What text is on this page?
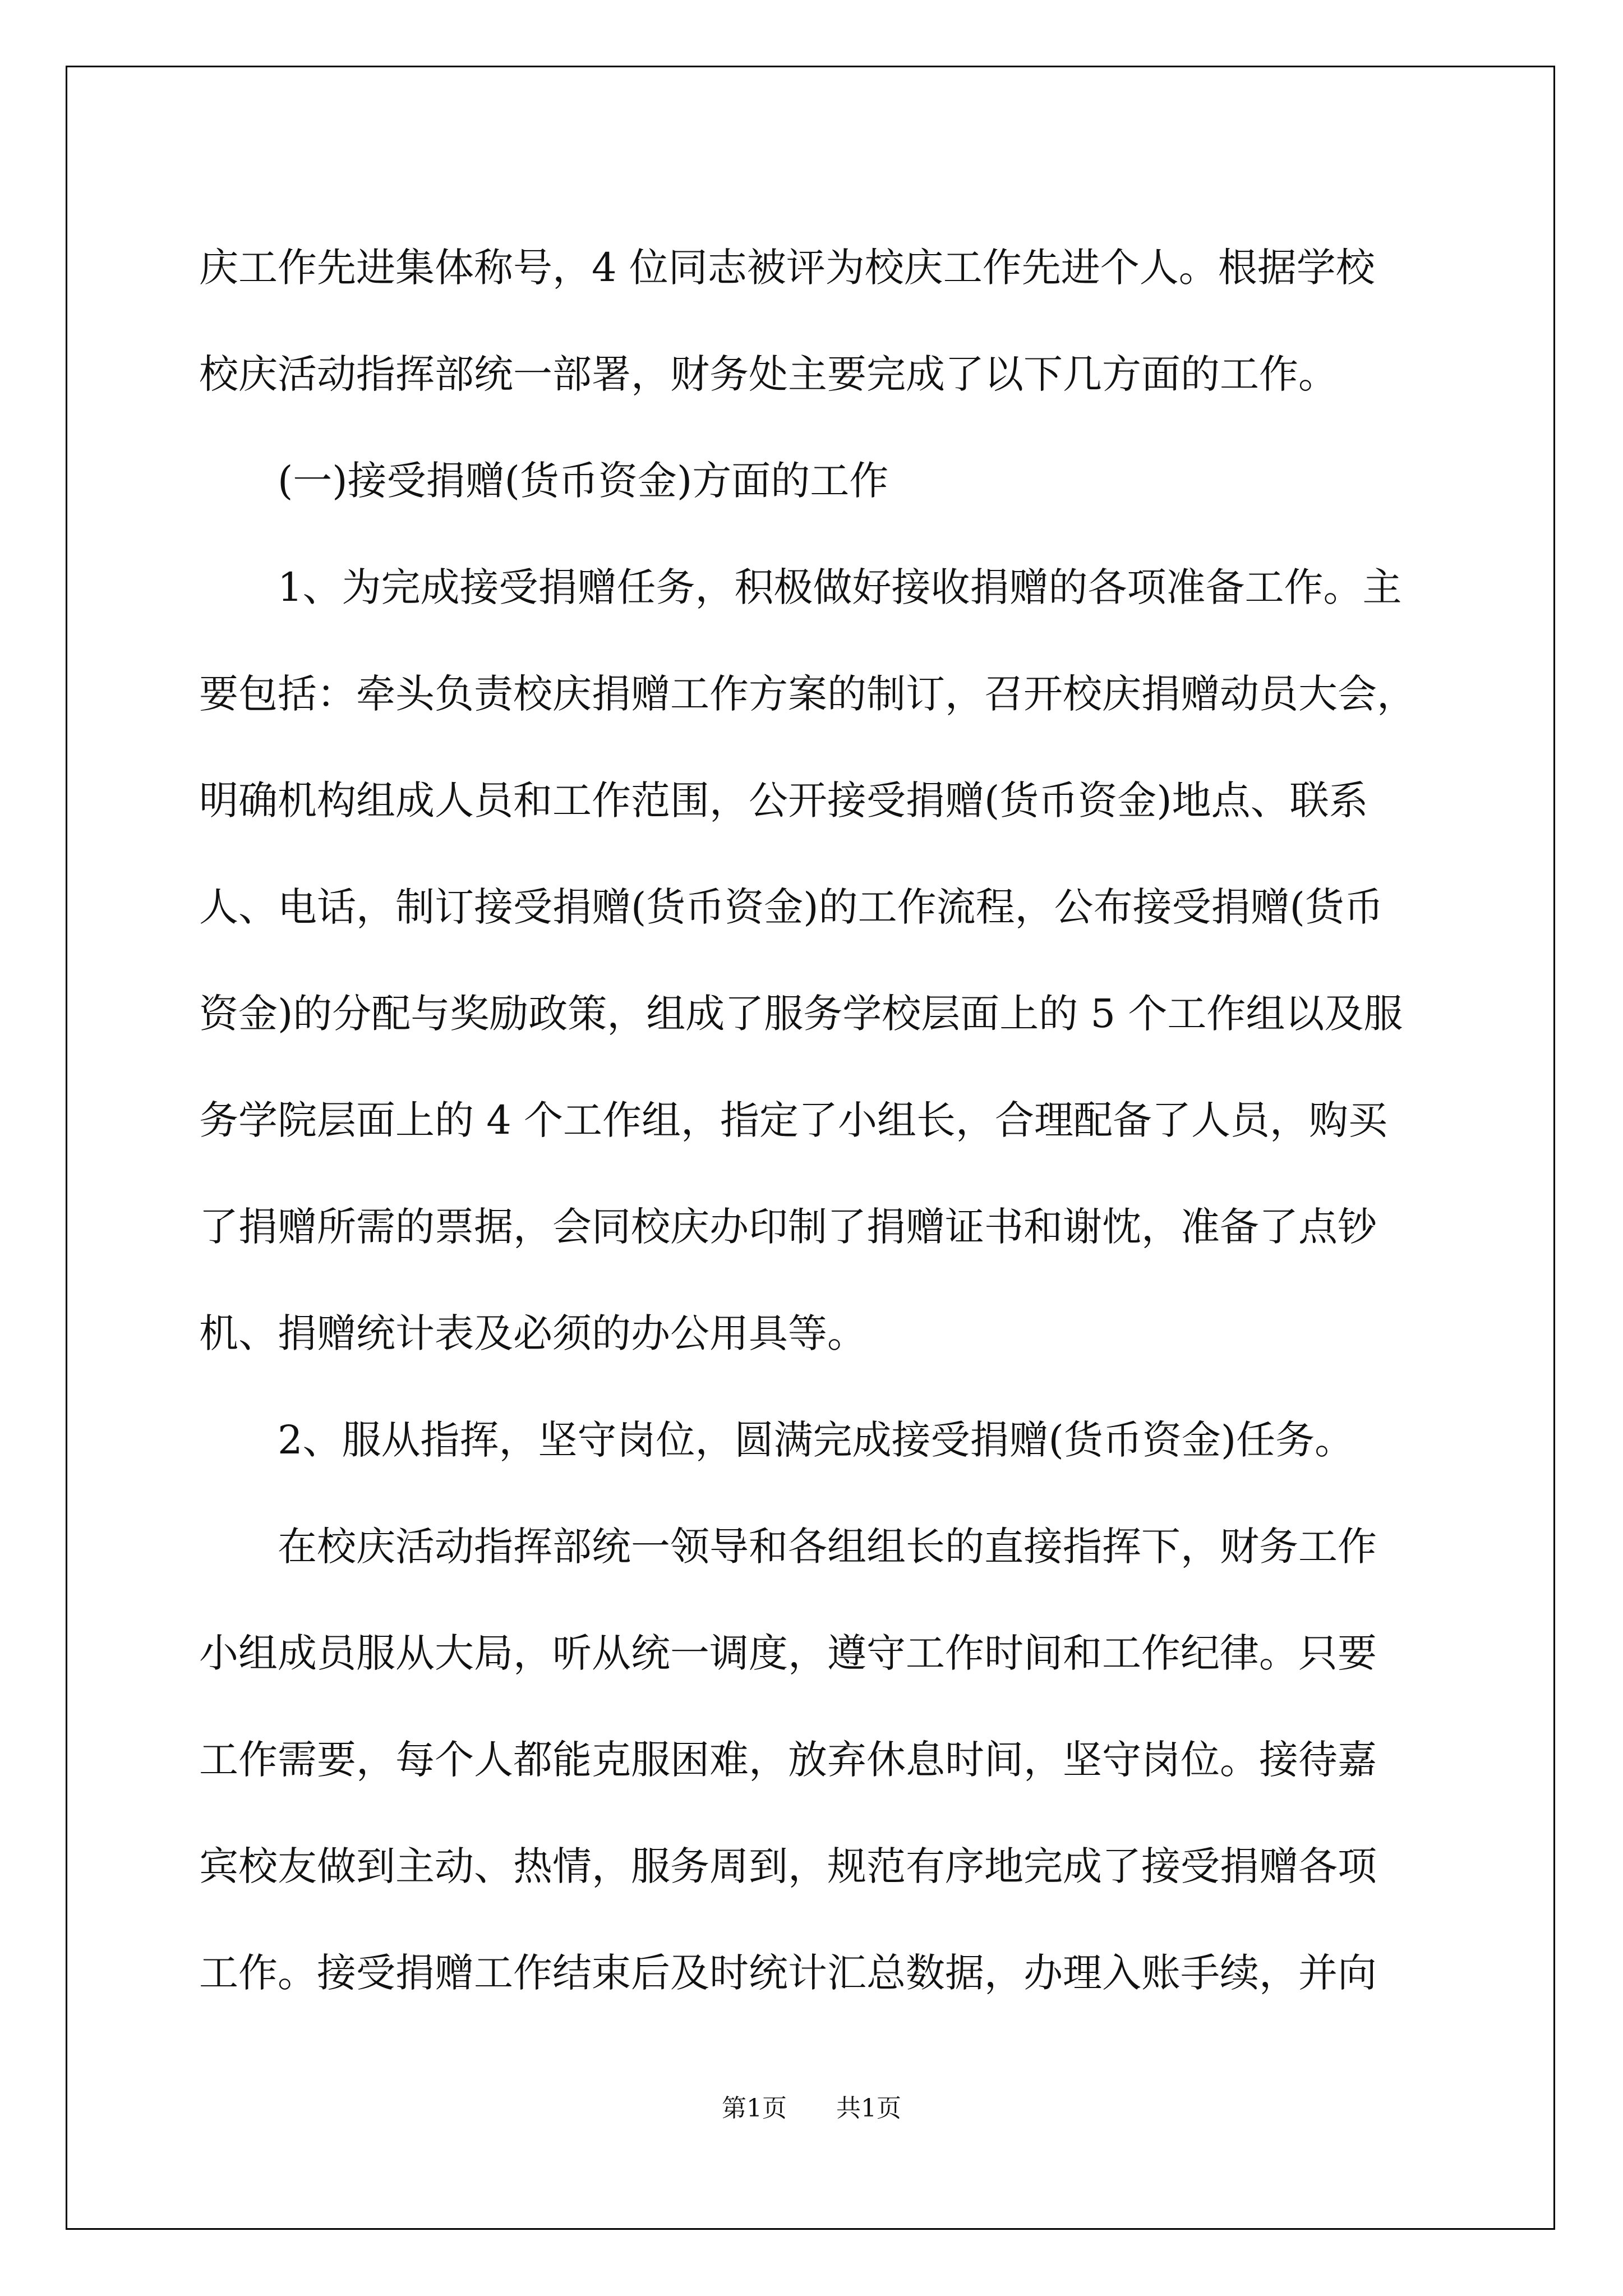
庆工作先进集体称号，4 位同志被评为校庆工作先进个人。根据学校
校庆活动指挥部统一部署，财务处主要完成了以下几方面的工作。
(一)接受捐赠(货币资金)方面的工作
1、为完成接受捐赠任务，积极做好接收捐赠的各项准备工作。主
要包括：牵头负责校庆捐赠工作方案的制订，召开校庆捐赠动员大会，
明确机构组成人员和工作范围，公开接受捐赠(货币资金)地点、联系
人、电话，制订接受捐赠(货币资金)的工作流程，公布接受捐赠(货币
资金)的分配与奖励政策，组成了服务学校层面上的 5 个工作组以及服
务学院层面上的 4 个工作组，指定了小组长，合理配备了人员，购买
了捐赠所需的票据，会同校庆办印制了捐赠证书和谢忱，准备了点钞
机、捐赠统计表及必须的办公用具等。
2、服从指挥，坚守岗位，圆满完成接受捐赠(货币资金)任务。
在校庆活动指挥部统一领导和各组组长的直接指挥下，财务工作
小组成员服从大局，听从统一调度，遵守工作时间和工作纪律。只要
工作需要，每个人都能克服困难，放弃休息时间，坚守岗位。接待嘉
宾校友做到主动、热情，服务周到，规范有序地完成了接受捐赠各项
工作。接受捐赠工作结束后及时统计汇总数据，办理入账手续，并向
第1页 共1页
